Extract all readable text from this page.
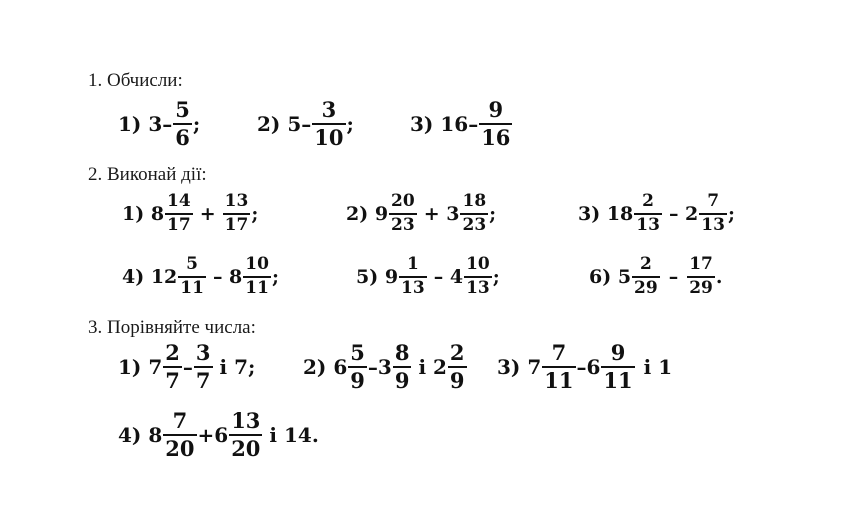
1. Обчисли:
1) $3 - \frac{5}{6}$ ;	2) $5 - \frac{3}{10}$ ;	3) $16 - \frac{9}{16}$
2. Виконай дії:
1) $8 \frac{14}{17} + \frac{13}{17}$ ;	2) $9 \frac{20}{23} + 3 \frac{18}{23}$ ;	3) $18 \frac{2}{13} - 2 \frac{7}{13}$ ;
4) $12 \frac{5}{11} - 8 \frac{10}{11}$ ;	5) $9 \frac{1}{13} - 4 \frac{10}{13}$ ;	6) $5 \frac{2}{29} - \frac{17}{29}$ .
3. Порівняйте числа:
1) $7 \frac{2}{7} - \frac{3}{7}$ і 7; 2) $6 \frac{5}{9} -3 \frac{8}{9}$ і $2 \frac{2}{9} 3$) $7 \frac{7}{11} -6 \frac{9}{11}$ і 1
4) $8 \frac{7}{20} +6 \frac{13}{20}$ і 14.
